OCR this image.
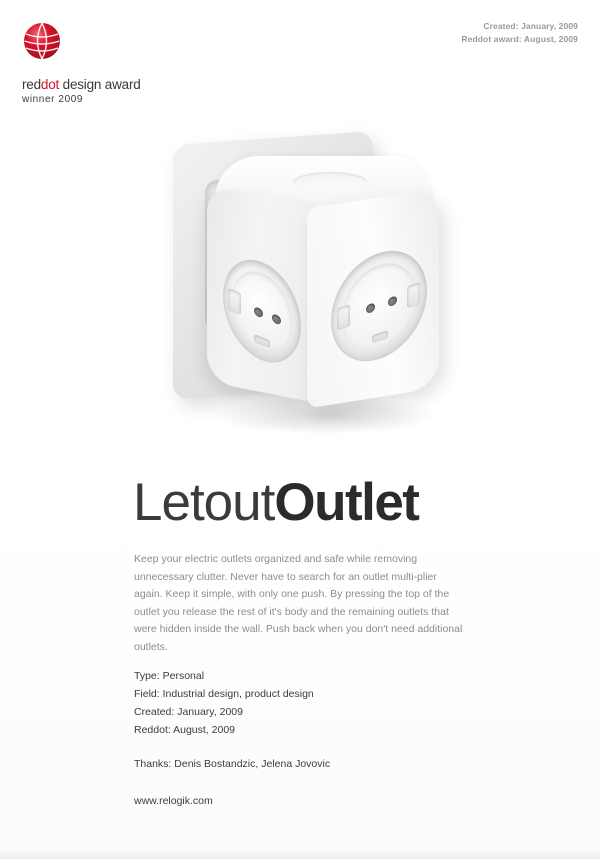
Created: January, 2009
Reddot award: August, 2009
reddot design award
winner 2009
LetoutOutlet
Keep your electric outlets organized and safe while removing unnecessary clutter. Never have to search for an outlet multi-plier again. Keep it simple, with only one push. By pressing the top of the outlet you release the rest of it's body and the remaining outlets that were hidden inside the wall. Push back when you don't need additional outlets.
Type: Personal
Field: Industrial design, product design
Created: January, 2009
Reddot: August, 2009
Thanks: Denis Bostandzic, Jelena Jovovic
www.relogik.com
